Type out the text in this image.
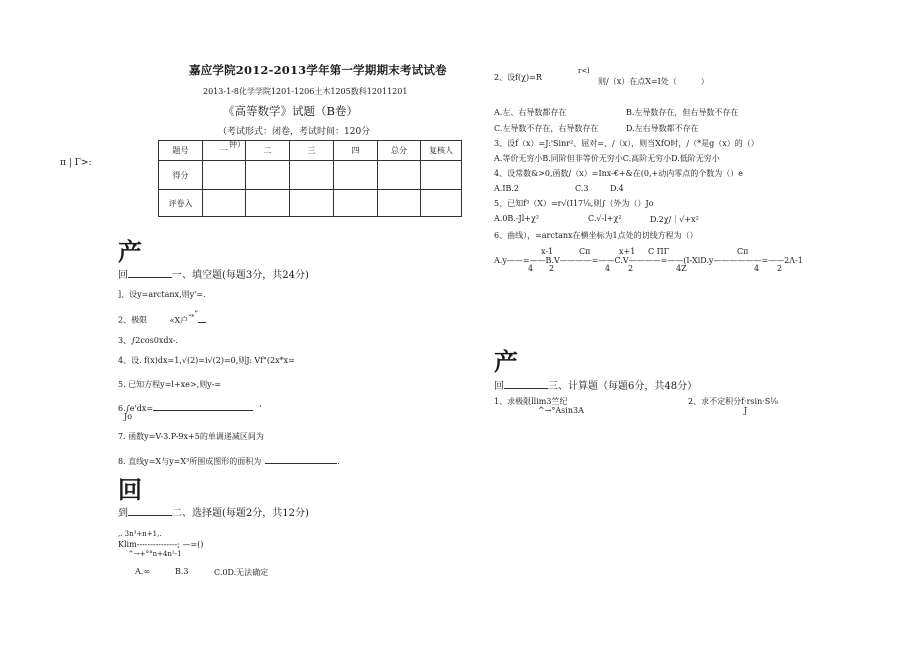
嘉应学院2012-2013学年第一学期期末考试试卷
2013-1-8化学学院1201-1206土木1205数科12011201
《高等数学》试题（B卷）
（考试形式：闭卷，考试时间：120分
钟）
π | Γ>:
题号	一	二	三	四	总分	复核人
得分						
评卷入						
产
回	一、填空题(每题3分，共24分)
]、设y=arctanx,则y'=.
2、极限	«X户“*”
3、∫2cos0xdx-.
4、设. f(x)dx=1,√(2)=i√(2)=0,则J: Vf"(2x*x=
5. 已知方程y=l+xe>,则y-=
6.∫e'dx=	‘
Jo
7. 函数y=V-3.P-9x+5的单调递减区间为
8. 直线y=X与y=X³所围成图形的面积为	.
回
到	二、选择题(每题2分，共12分)
,. 3n³+n+1,.
Klim---------------; —=()
^→+°°n+4n²-1
A.∞	B.3	C.0D.无法确定
2、设f(χ)=R
r<l
则/（x）在点X=I处（　　　）
A.左、右导数都存在	B.左导数存在，但右导数不存在
C.左导数不存在，右导数存在	D.左右导数都不存在
3、设f（x）=J:'Sinr²、屈对=、/（x），则当XfO时，/（*是g（x）的（）
A.等价无穷小B.同阶但非等价无穷小C.高阶无穷小D.低阶无穷小
4、设常数&>0,函数/（x）=Inx-€+&在(0,+动内零点的个数为（）e
A.IB.2	C.3	D.4
5、已知f³（X）=r√(I17⅛,则∫（外为（）Jo
A.0B.-Jl+χ²	C.√-l+χ²	D.2χ/｜√+x²
6、曲线），=arctanx在横坐标为1点处的切线方程为（）
x-1	Cπ	x+1 C ΠΓ	Cπ
A.y——=——B.V————=——C.V————=——(I-XiD.y——————=——2Λ-1
4 2	4 2	4Z	4 2
产
回	三、计算题（每题6分，共48分）
1、求极限llim3竺纪
^→°Asin3A
2、求不定积分f·rsin·S⅛
J
